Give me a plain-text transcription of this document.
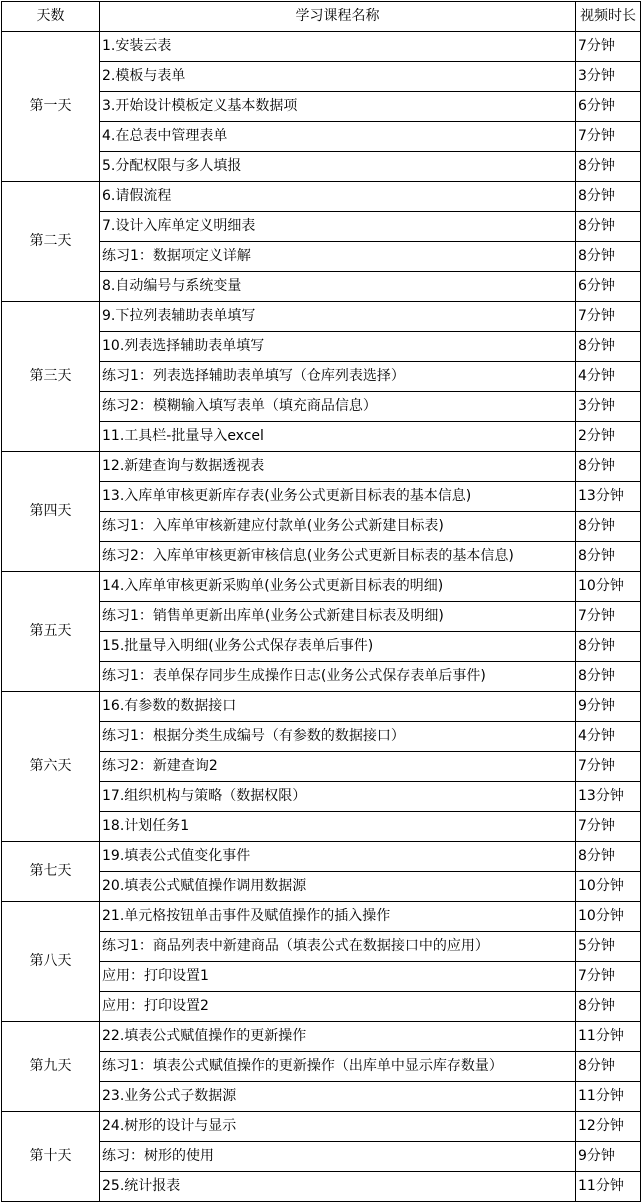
天数	学习课程名称	视频时长
第一天	1.安装云表	7分钟
	2.模板与表单	3分钟
	3.开始设计模板定义基本数据项	6分钟
	4.在总表中管理表单	7分钟
	5.分配权限与多人填报	8分钟
第二天	6.请假流程	8分钟
	7.设计入库单定义明细表	8分钟
	练习1：数据项定义详解	8分钟
	8.自动编号与系统变量	6分钟
第三天	9.下拉列表辅助表单填写	7分钟
	10.列表选择辅助表单填写	8分钟
	练习1：列表选择辅助表单填写（仓库列表选择）	4分钟
	练习2：模糊输入填写表单（填充商品信息）	3分钟
	11.工具栏-批量导入excel	2分钟
第四天	12.新建查询与数据透视表	8分钟
	13.入库单审核更新库存表(业务公式更新目标表的基本信息)	13分钟
	练习1：入库单审核新建应付款单(业务公式新建目标表)	8分钟
	练习2：入库单审核更新审核信息(业务公式更新目标表的基本信息)	8分钟
第五天	14.入库单审核更新采购单(业务公式更新目标表的明细)	10分钟
	练习1：销售单更新出库单(业务公式新建目标表及明细)	7分钟
	15.批量导入明细(业务公式保存表单后事件)	8分钟
	练习1：表单保存同步生成操作日志(业务公式保存表单后事件)	8分钟
第六天	16.有参数的数据接口	9分钟
	练习1：根据分类生成编号（有参数的数据接口）	4分钟
	练习2：新建查询2	7分钟
	17.组织机构与策略（数据权限）	13分钟
	18.计划任务1	7分钟
第七天	19.填表公式值变化事件	8分钟
	20.填表公式赋值操作调用数据源	10分钟
第八天	21.单元格按钮单击事件及赋值操作的插入操作	10分钟
	练习1：商品列表中新建商品（填表公式在数据接口中的应用）	5分钟
	应用：打印设置1	7分钟
	应用：打印设置2	8分钟
第九天	22.填表公式赋值操作的更新操作	11分钟
	练习1：填表公式赋值操作的更新操作（出库单中显示库存数量）	8分钟
	23.业务公式子数据源	11分钟
第十天	24.树形的设计与显示	12分钟
	练习：树形的使用	9分钟
	25.统计报表	11分钟
